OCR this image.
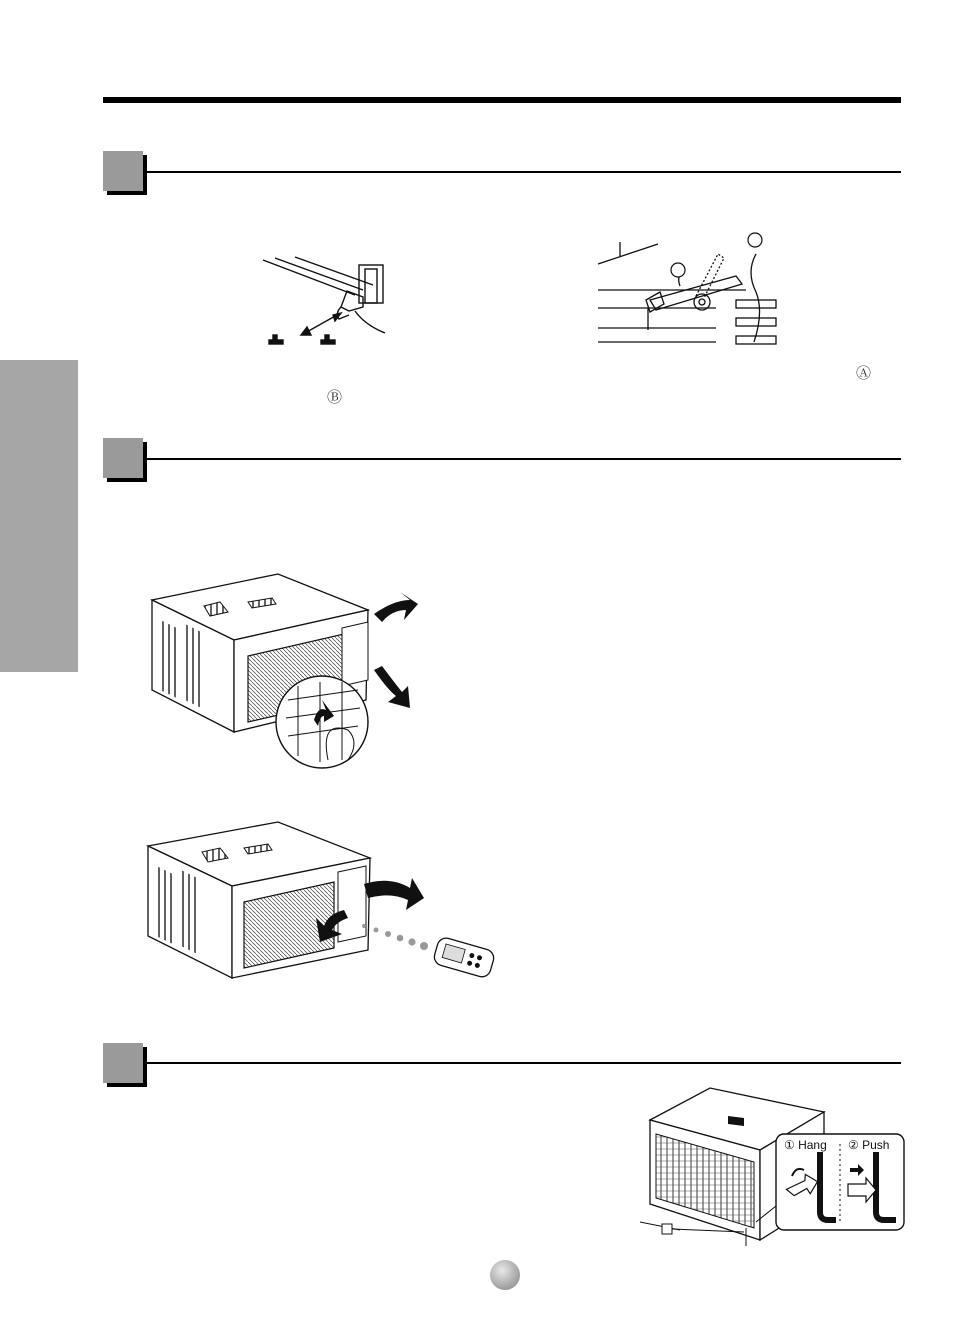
Ⓐ
Ⓑ
① Hang ② Push
